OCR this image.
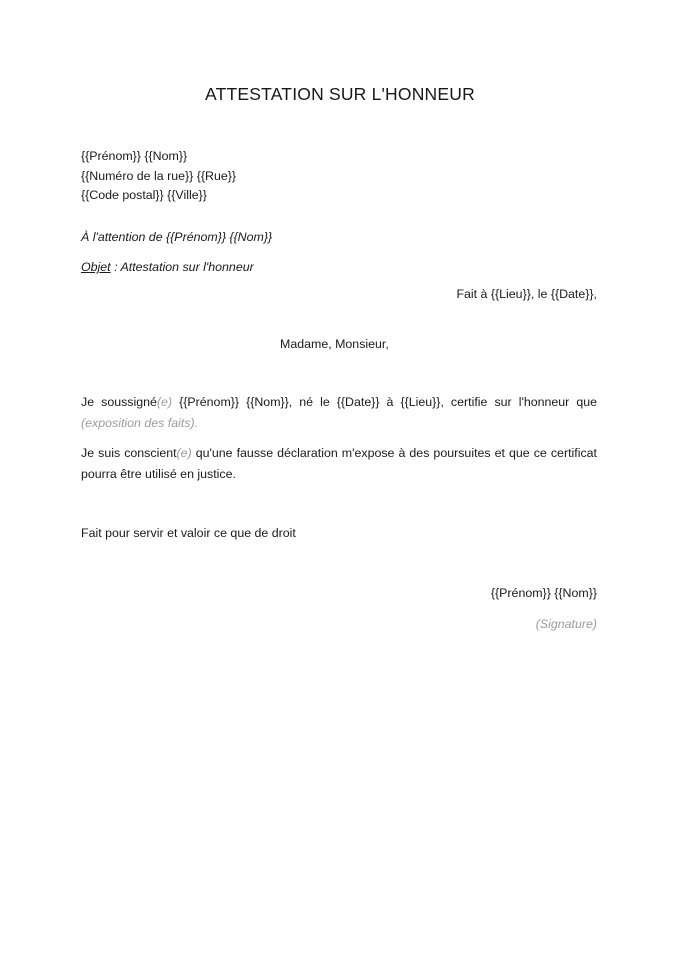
ATTESTATION SUR L'HONNEUR
{{Prénom}} {{Nom}}
{{Numéro de la rue}} {{Rue}}
{{Code postal}} {{Ville}}
À l'attention de {{Prénom}} {{Nom}}
Objet : Attestation sur l'honneur
Fait à {{Lieu}}, le {{Date}},
Madame, Monsieur,
Je soussigné(e) {{Prénom}} {{Nom}}, né le {{Date}} à {{Lieu}}, certifie sur l'honneur que (exposition des faits).
Je suis conscient(e) qu'une fausse déclaration m'expose à des poursuites et que ce certificat pourra être utilisé en justice.
Fait pour servir et valoir ce que de droit
{{Prénom}} {{Nom}}
(Signature)
